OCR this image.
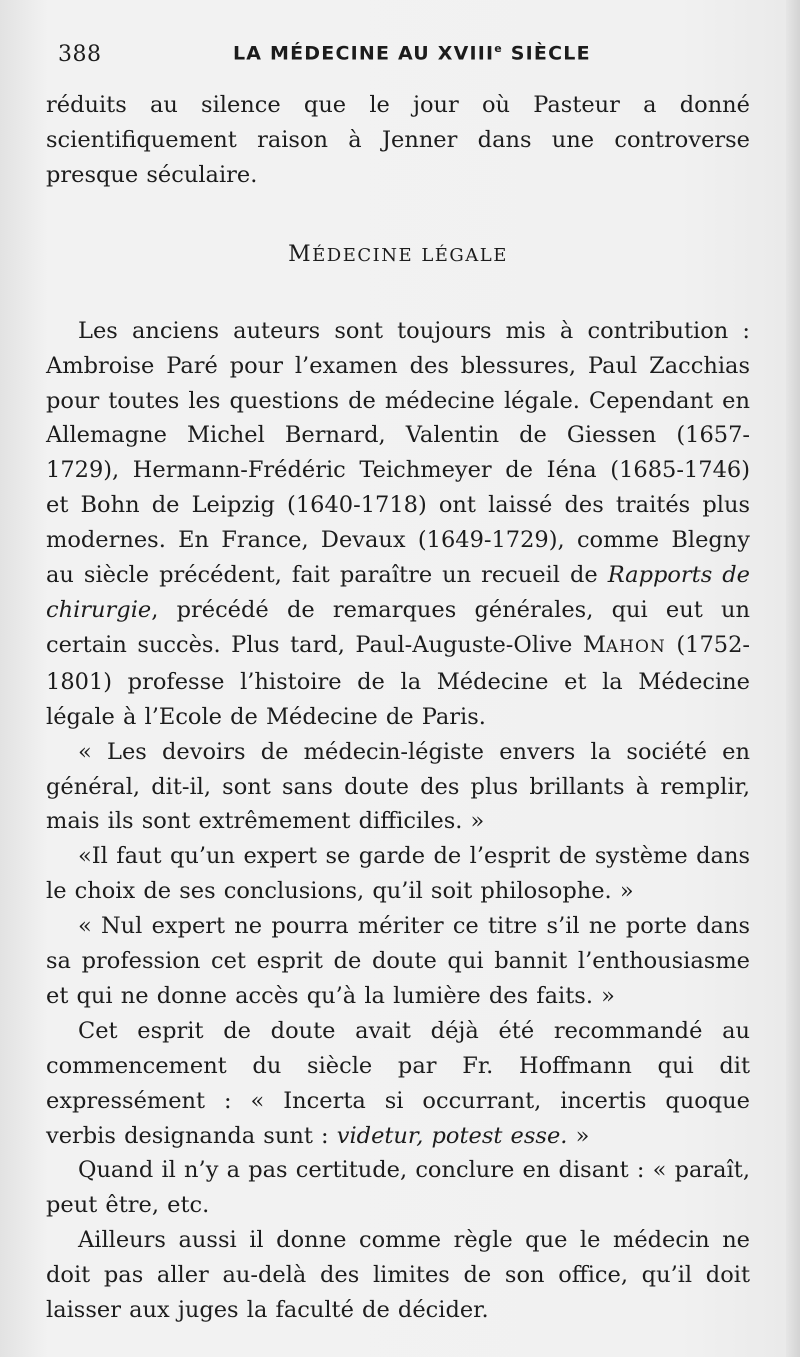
388	LA MÉDECINE AU XVIIIe SIÈCLE

réduits au silence que le jour où Pasteur a donné scientifiquement raison à Jenner dans une controverse presque séculaire.

MÉDECINE LÉGALE

Les anciens auteurs sont toujours mis à contribution : Ambroise Paré pour l’examen des blessures, Paul Zacchias pour toutes les questions de médecine légale. Cependant en Allemagne Michel Bernard, Valentin de Giessen (1657-1729), Hermann-Frédéric Teichmeyer de Iéna (1685-1746) et Bohn de Leipzig (1640-1718) ont laissé des traités plus modernes. En France, Devaux (1649-1729), comme Blegny au siècle précédent, fait paraître un recueil de Rapports de chirurgie, précédé de remarques générales, qui eut un certain succès. Plus tard, Paul-Auguste-Olive MAHON (1752-1801) professe l’histoire de la Médecine et la Médecine légale à l’Ecole de Médecine de Paris.

« Les devoirs de médecin-légiste envers la société en général, dit-il, sont sans doute des plus brillants à remplir, mais ils sont extrêmement difficiles. »

«Il faut qu’un expert se garde de l’esprit de système dans le choix de ses conclusions, qu’il soit philosophe. »

« Nul expert ne pourra mériter ce titre s’il ne porte dans sa profession cet esprit de doute qui bannit l’enthousiasme et qui ne donne accès qu’à la lumière des faits. »

Cet esprit de doute avait déjà été recommandé au commencement du siècle par Fr. Hoffmann qui dit expressément : « Incerta si occurrant, incertis quoque verbis designanda sunt : videtur, potest esse. »

Quand il n’y a pas certitude, conclure en disant : « paraît, peut être, etc.

Ailleurs aussi il donne comme règle que le médecin ne doit pas aller au-delà des limites de son office, qu’il doit laisser aux juges la faculté de décider.
